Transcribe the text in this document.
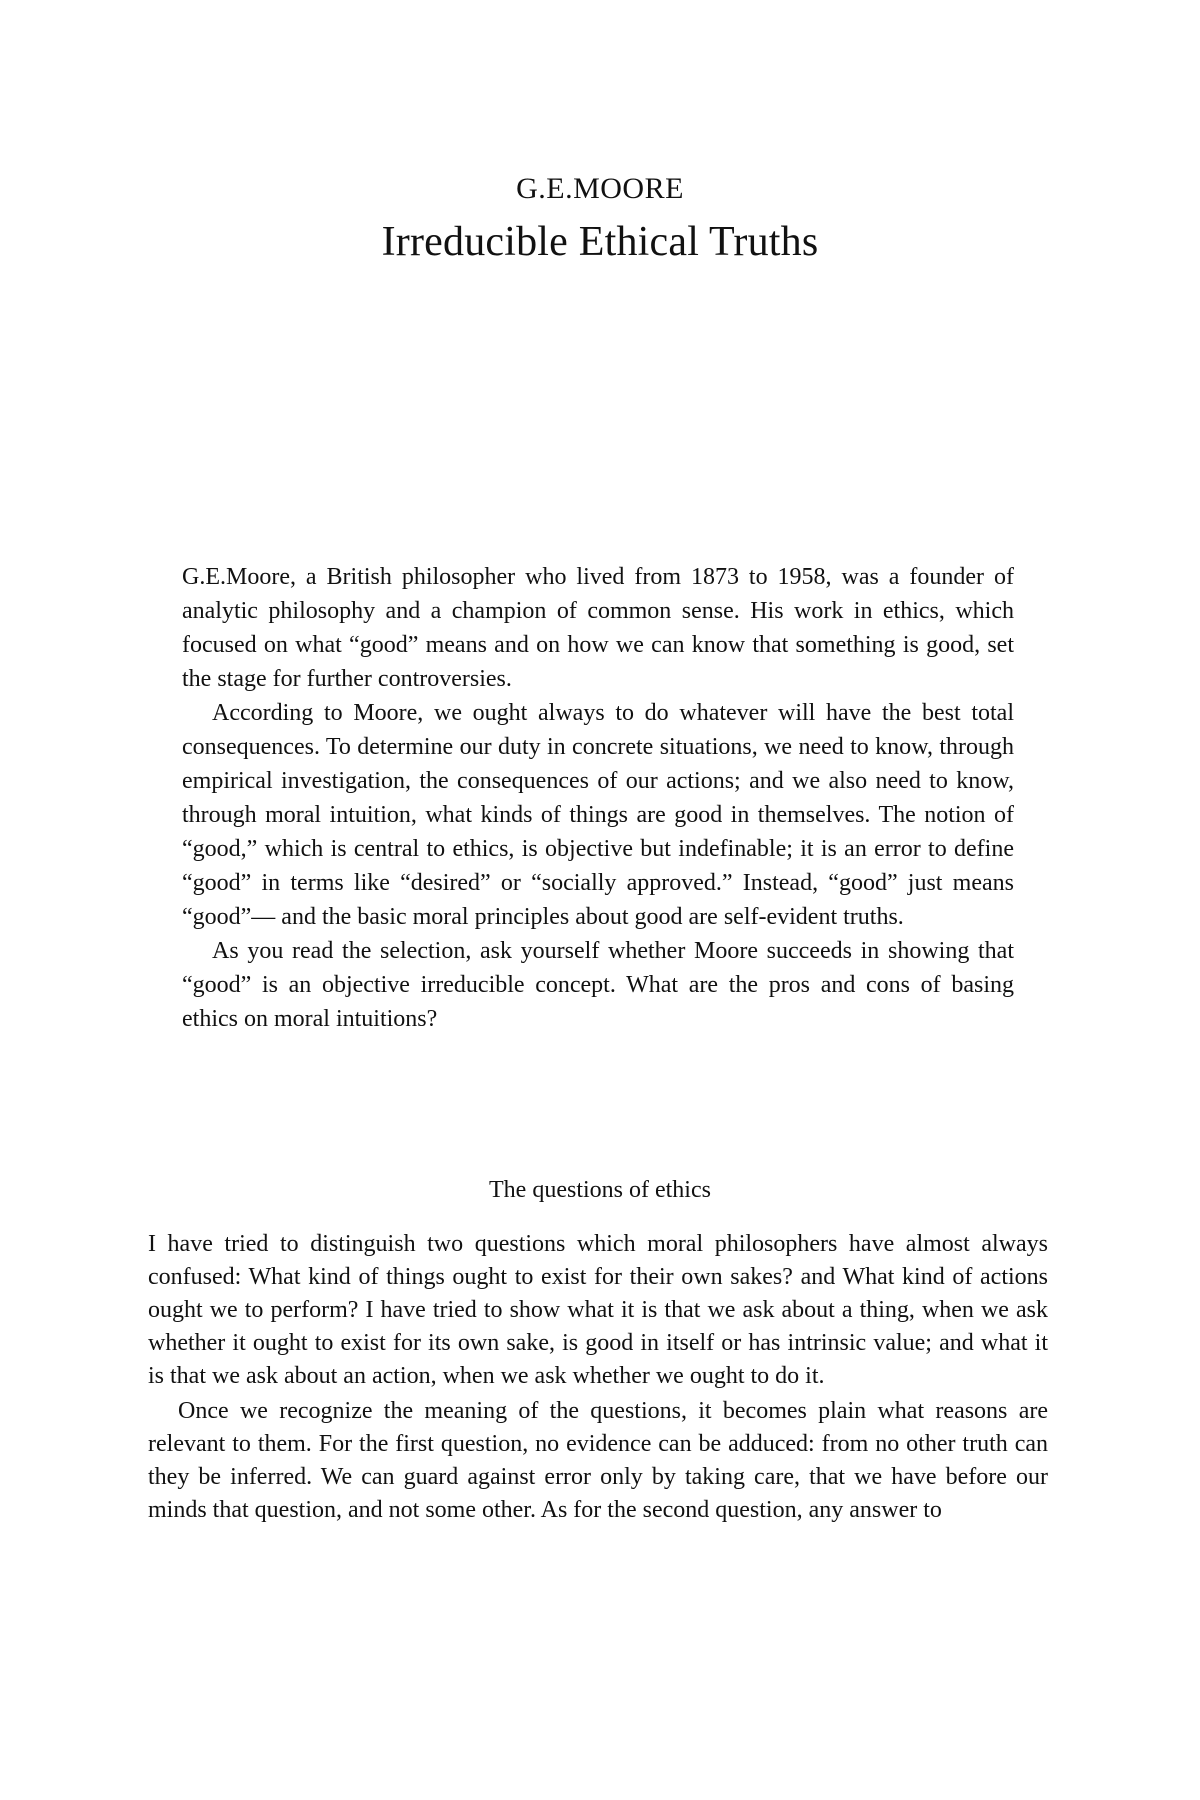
G.E.MOORE
Irreducible Ethical Truths

G.E.Moore, a British philosopher who lived from 1873 to 1958, was a founder of analytic philosophy and a champion of common sense. His work in ethics, which focused on what “good” means and on how we can know that something is good, set the stage for further controversies.

According to Moore, we ought always to do whatever will have the best total consequences. To determine our duty in concrete situations, we need to know, through empirical investigation, the consequences of our actions; and we also need to know, through moral intuition, what kinds of things are good in themselves. The notion of “good,” which is central to ethics, is objective but indefinable; it is an error to define “good” in terms like “desired” or “socially approved.” Instead, “good” just means “good”— and the basic moral principles about good are self-evident truths.

As you read the selection, ask yourself whether Moore succeeds in showing that “good” is an objective irreducible concept. What are the pros and cons of basing ethics on moral intuitions?

The questions of ethics

I have tried to distinguish two questions which moral philosophers have almost always confused: What kind of things ought to exist for their own sakes? and What kind of actions ought we to perform? I have tried to show what it is that we ask about a thing, when we ask whether it ought to exist for its own sake, is good in itself or has intrinsic value; and what it is that we ask about an action, when we ask whether we ought to do it.

Once we recognize the meaning of the questions, it becomes plain what reasons are relevant to them. For the first question, no evidence can be adduced: from no other truth can they be inferred. We can guard against error only by taking care, that we have before our minds that question, and not some other. As for the second question, any answer to
